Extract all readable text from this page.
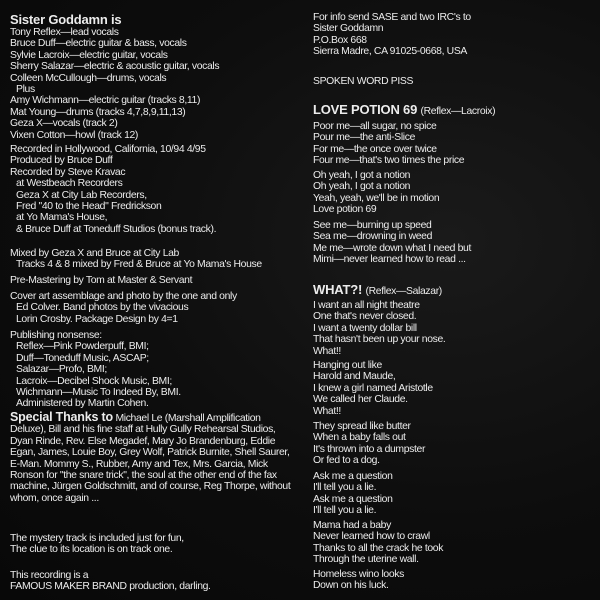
Sister Goddamn is
Tony Reflex—lead vocals
Bruce Duff—electric guitar & bass, vocals
Sylvie Lacroix—electric guitar, vocals
Sherry Salazar—electric & acoustic guitar, vocals
Colleen McCullough—drums, vocals
Plus
Amy Wichmann—electric guitar (tracks 8,11)
Mat Young—drums (tracks 4,7,8,9,11,13)
Geza X—vocals (track 2)
Vixen Cotton—howl (track 12)
Recorded in Hollywood, California, 10/94 4/95
Produced by Bruce Duff
Recorded by Steve Kravac
at Westbeach Recorders
Geza X at City Lab Recorders,
Fred "40 to the Head" Fredrickson
at Yo Mama's House,
& Bruce Duff at Toneduff Studios (bonus track).
Mixed by Geza X and Bruce at City Lab
Tracks 4 & 8 mixed by Fred & Bruce at Yo Mama's House
Pre-Mastering by Tom at Master & Servant
Cover art assemblage and photo by the one and only
Ed Colver. Band photos by the vivacious
Lorin Crosby. Package Design by 4=1
Publishing nonsense:
Reflex—Pink Powderpuff, BMI;
Duff—Toneduff Music, ASCAP;
Salazar—Profo, BMI;
Lacroix—Decibel Shock Music, BMI;
Wichmann—Music To Indeed By, BMI.
Administered by Martin Cohen.
Special Thanks to Michael Le (Marshall Amplification
Deluxe), Bill and his fine staff at Hully Gully Rehearsal Studios,
Dyan Rinde, Rev. Else Megadef, Mary Jo Brandenburg, Eddie
Egan, James, Louie Boy, Grey Wolf, Patrick Burnite, Shell Saurer,
E-Man. Mommy S., Rubber, Amy and Tex, Mrs. Garcia, Mick
Ronson for "the snare trick", the soul at the other end of the fax
machine, Jürgen Goldschmitt, and of course, Reg Thorpe, without
whom, once again ...
The mystery track is included just for fun,
The clue to its location is on track one.
This recording is a
FAMOUS MAKER BRAND production, darling.
For info send SASE and two IRC's to
Sister Goddamn
P.O.Box 668
Sierra Madre, CA 91025-0668, USA
SPOKEN WORD PISS
LOVE POTION 69 (Reflex—Lacroix)
Poor me—all sugar, no spice
Pour me—the anti-Slice
For me—the once over twice
Four me—that's two times the price
Oh yeah, I got a notion
Oh yeah, I got a notion
Yeah, yeah, we'll be in motion
Love potion 69
See me—burning up speed
Sea me—drowning in weed
Me me—wrote down what I need but
Mimi—never learned how to read ...
WHAT?! (Reflex—Salazar)
I want an all night theatre
One that's never closed.
I want a twenty dollar bill
That hasn't been up your nose.
What!!
Hanging out like
Harold and Maude,
I knew a girl named Aristotle
We called her Claude.
What!!
They spread like butter
When a baby falls out
It's thrown into a dumpster
Or fed to a dog.
Ask me a question
I'll tell you a lie.
Ask me a question
I'll tell you a lie.
Mama had a baby
Never learned how to crawl
Thanks to all the crack he took
Through the uterine wall.
Homeless wino looks
Down on his luck.
